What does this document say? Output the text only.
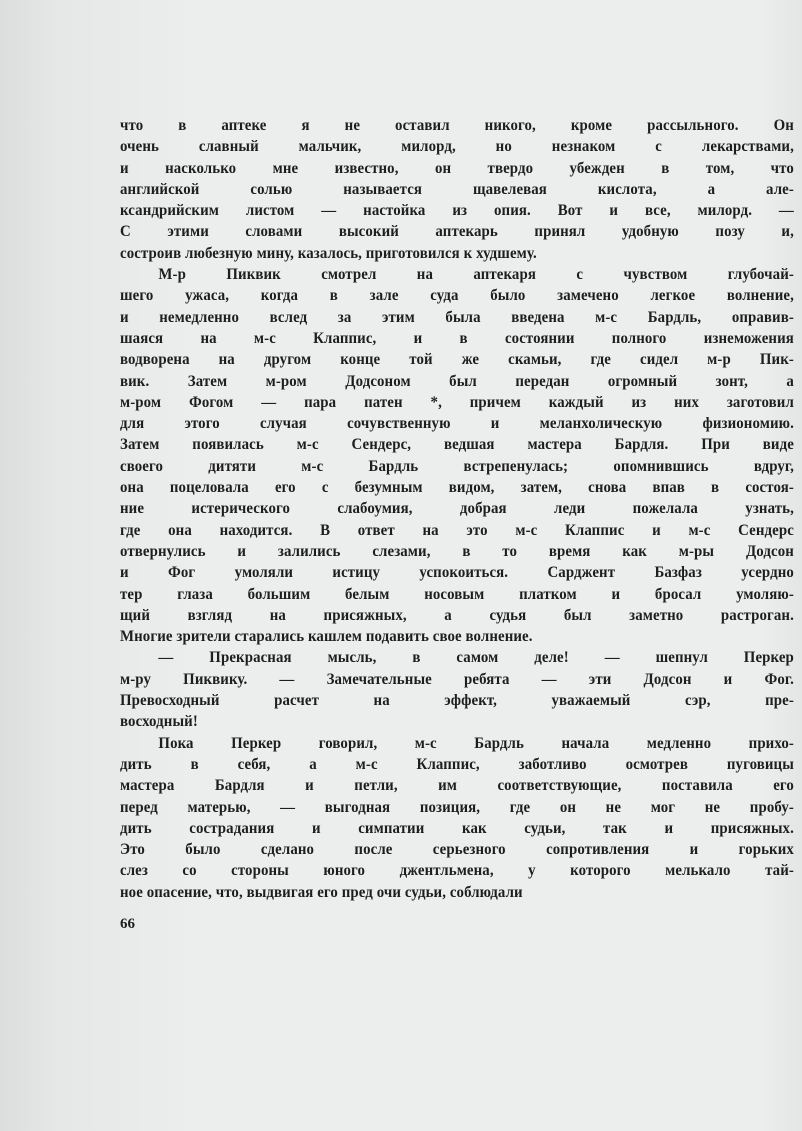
что в аптеке я не оставил никого, кроме рассыльного. Он
очень славный мальчик, милорд, но незнаком с лекарствами,
и насколько мне известно, он твердо убежден в том, что
английской солью называется щавелевая кислота, а але-
ксандрийским листом — настойка из опия. Вот и все, милорд. —
С этими словами высокий аптекарь принял удобную позу и,
состроив любезную мину, казалось, приготовился к худшему.
М-р Пиквик смотрел на аптекаря с чувством глубочай-
шего ужаса, когда в зале суда было замечено легкое волнение,
и немедленно вслед за этим была введена м-с Бардль, оправив-
шаяся на м-с Клаппис, и в состоянии полного изнеможения
водворена на другом конце той же скамьи, где сидел м-р Пик-
вик. Затем м-ром Додсоном был передан огромный зонт, а
м-ром Фогом — пара патен *, причем каждый из них заготовил
для этого случая сочувственную и меланхолическую физиономию.
Затем появилась м-с Сендерс, ведшая мастера Бардля. При виде
своего дитяти м-с Бардль встрепенулась; опомнившись вдруг,
она поцеловала его с безумным видом, затем, снова впав в состоя-
ние истерического слабоумия, добрая леди пожелала узнать,
где она находится. В ответ на это м-с Клаппис и м-с Сендерс
отвернулись и залились слезами, в то время как м-ры Додсон
и Фог умоляли истицу успокоиться. Сарджент Базфаз усердно
тер глаза большим белым носовым платком и бросал умоляю-
щий взгляд на присяжных, а судья был заметно растроган.
Многие зрители старались кашлем подавить свое волнение.
— Прекрасная мысль, в самом деле! — шепнул Перкер
м-ру Пиквику. — Замечательные ребята — эти Додсон и Фог.
Превосходный расчет на эффект, уважаемый сэр, пре-
восходный!
Пока Перкер говорил, м-с Бардль начала медленно прихо-
дить в себя, а м-с Клаппис, заботливо осмотрев пуговицы
мастера Бардля и петли, им соответствующие, поставила его
перед матерью, — выгодная позиция, где он не мог не пробу-
дить сострадания и симпатии как судьи, так и присяжных.
Это было сделано после серьезного сопротивления и горьких
слез со стороны юного джентльмена, у которого мелькало тай-
ное опасение, что, выдвигая его пред очи судьи, соблюдали
66
